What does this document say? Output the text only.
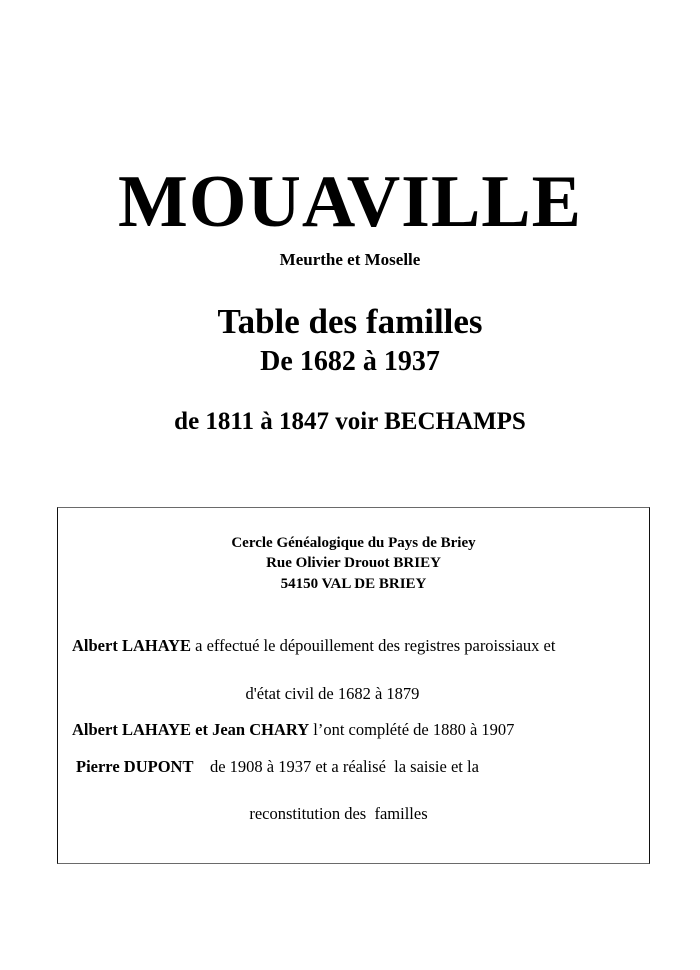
MOUAVILLE
Meurthe et Moselle
Table des familles
De 1682 à 1937
de 1811 à 1847 voir BECHAMPS
Cercle Généalogique du Pays de Briey
Rue Olivier Drouot BRIEY
54150 VAL DE BRIEY

Albert LAHAYE a effectué le dépouillement des registres paroissiaux et
d'état civil de 1682 à 1879

Albert LAHAYE et Jean CHARY l’ont complété de 1880 à 1907

Pierre DUPONT    de 1908 à 1937 et a réalisé  la saisie et la
reconstitution des  familles
